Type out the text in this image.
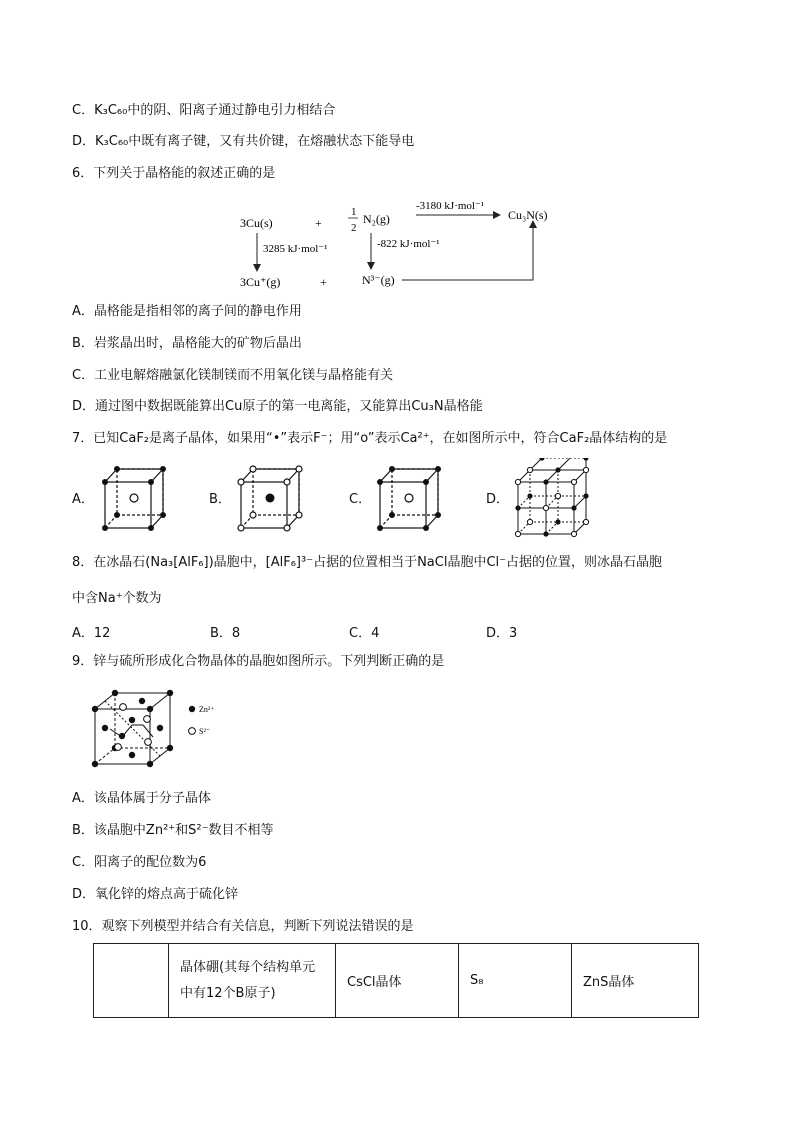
C．K₃C₆₀中的阴、阳离子通过静电引力相结合
D．K₃C₆₀中既有离子键，又有共价键，在熔融状态下能导电
6．下列关于晶格能的叙述正确的是
3Cu(s)	+
1
2
N₂(g)
-3180 kJ·mol⁻¹
Cu₃N(s)
3285 kJ·mol⁻¹	-822 kJ·mol⁻¹
3Cu⁺(g)	+	N³⁻(g)
A．晶格能是指相邻的离子间的静电作用
B．岩浆晶出时，晶格能大的矿物后晶出
C．工业电解熔融氯化镁制镁而不用氧化镁与晶格能有关
D．通过图中数据既能算出Cu原子的第一电离能，又能算出Cu₃N晶格能
7．已知CaF₂是离子晶体，如果用“•”表示F⁻；用“o”表示Ca²⁺，在如图所示中，符合CaF₂晶体结构的是
A．	B．	C．	D．
8．在冰晶石(Na₃[AlF₆])晶胞中，[AlF₆]³⁻占据的位置相当于NaCl晶胞中Cl⁻占据的位置，则冰晶石晶胞
中含Na⁺个数为
A．12	B．8	C．4	D．3
9．锌与硫所形成化合物晶体的晶胞如图所示。下列判断正确的是
Zn²⁺
S²⁻
A．该晶体属于分子晶体
B．该晶胞中Zn²⁺和S²⁻数目不相等
C．阳离子的配位数为6
D．氧化锌的熔点高于硫化锌
10．观察下列模型并结合有关信息，判断下列说法错误的是

晶体硼(其每个结构单元
中有12个B原子)
	CsCl晶体	S₈	ZnS晶体
